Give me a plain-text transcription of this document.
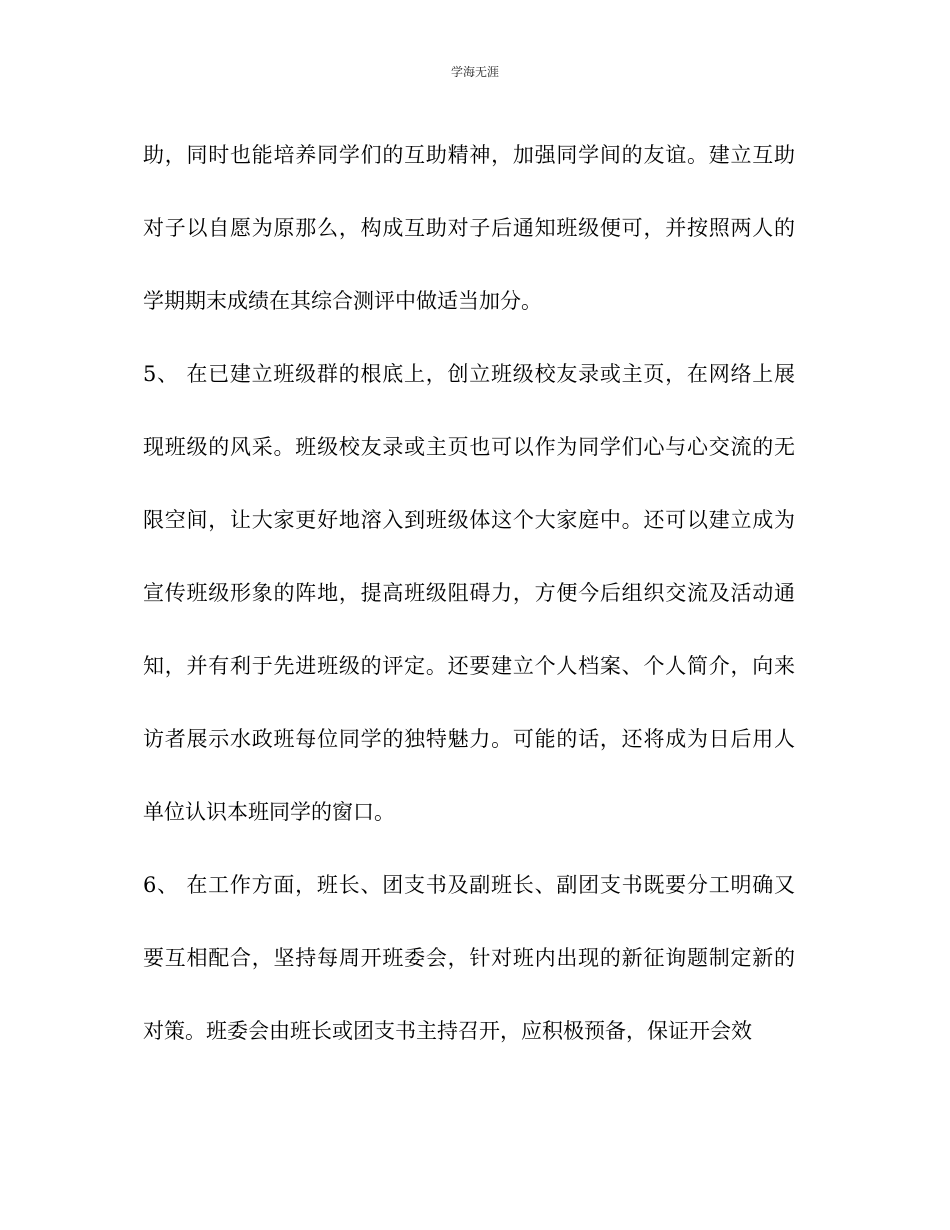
学海无涯
助，同时也能培养同学们的互助精神，加强同学间的友谊。建立互助
对子以自愿为原那么，构成互助对子后通知班级便可，并按照两人的
学期期末成绩在其综合测评中做适当加分。
5、 在已建立班级群的根底上，创立班级校友录或主页，在网络上展
现班级的风采。班级校友录或主页也可以作为同学们心与心交流的无
限空间，让大家更好地溶入到班级体这个大家庭中。还可以建立成为
宣传班级形象的阵地，提高班级阻碍力，方便今后组织交流及活动通
知，并有利于先进班级的评定。还要建立个人档案、个人简介，向来
访者展示水政班每位同学的独特魅力。可能的话，还将成为日后用人
单位认识本班同学的窗口。
6、 在工作方面，班长、团支书及副班长、副团支书既要分工明确又
要互相配合，坚持每周开班委会，针对班内出现的新征询题制定新的
对策。班委会由班长或团支书主持召开，应积极预备，保证开会效
